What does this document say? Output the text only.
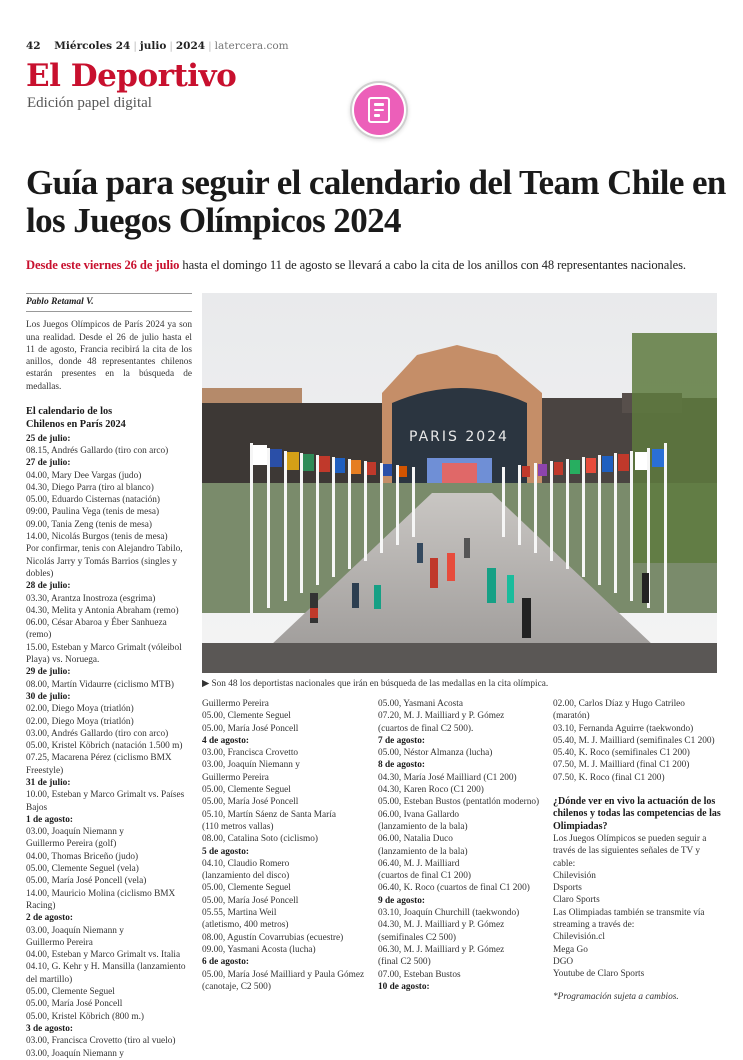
42 Miércoles 24 | julio | 2024 | latercera.com
El Deportivo
Edición papel digital
Guía para seguir el calendario del Team Chile en los Juegos Olímpicos 2024
Desde este viernes 26 de julio hasta el domingo 11 de agosto se llevará a cabo la cita de los anillos con 48 representantes nacionales.
Pablo Retamal V.

Los Juegos Olímpicos de París 2024 ya son una realidad. Desde el 26 de julio hasta el 11 de agosto, Francia recibirá la cita de los anillos, donde 48 representantes chilenos estarán presentes en la búsqueda de medallas.

El calendario de los
Chilenos en París 2024
25 de julio:
08.15, Andrés Gallardo (tiro con arco)
27 de julio:
04.00, Mary Dee Vargas (judo)
04.30, Diego Parra (tiro al blanco)
05.00, Eduardo Cisternas (natación)
09:00, Paulina Vega (tenis de mesa)
09.00, Tania Zeng (tenis de mesa)
14.00, Nicolás Burgos (tenis de mesa)
Por confirmar, tenis con Alejandro Tabilo, Nicolás Jarry y Tomás Barrios (singles y dobles)
28 de julio:
03.30, Arantza Inostroza (esgrima)
04.30, Melita y Antonia Abraham (remo)
06.00, César Abaroa y Éber Sanhueza (remo)
15.00, Esteban y Marco Grimalt (vóleibol Playa) vs. Noruega.
29 de julio:
08.00, Martín Vidaurre (ciclismo MTB)
30 de julio:
02.00, Diego Moya (triatlón)
02.00, Diego Moya (triatlón)
03.00, Andrés Gallardo (tiro con arco)
05.00, Kristel Köbrich (natación 1.500 m)
07.25, Macarena Pérez (ciclismo BMX Freestyle)
31 de julio:
10.00, Esteban y Marco Grimalt vs. Países Bajos
1 de agosto:
03.00, Joaquín Niemann y
Guillermo Pereira (golf)
04.00, Thomas Briceño (judo)
05.00, Clemente Seguel (vela)
05.00, María José Poncell (vela)
14.00, Mauricio Molina (ciclismo BMX Racing)
2 de agosto:
03.00, Joaquín Niemann y
Guillermo Pereira
04.00, Esteban y Marco Grimalt vs. Italia
04.10, G. Kehr y H. Mansilla (lanzamiento del martillo)
05.00, Clemente Seguel
05.00, María José Poncell
05.00, Kristel Köbrich (800 m.)
3 de agosto:
03.00, Francisca Crovetto (tiro al vuelo)
03.00, Joaquín Niemann y
PARIS 2024
▶ Son 48 los deportistas nacionales que irán en búsqueda de las medallas en la cita olímpica.
Guillermo Pereira
05.00, Clemente Seguel
05.00, María José Poncell
4 de agosto:
03.00, Francisca Crovetto
03.00, Joaquín Niemann y
Guillermo Pereira
05.00, Clemente Seguel
05.00, María José Poncell
05.10, Martín Sáenz de Santa María
(110 metros vallas)
08.00, Catalina Soto (ciclismo)
5 de agosto:
04.10, Claudio Romero
(lanzamiento del disco)
05.00, Clemente Seguel
05.00, María José Poncell
05.55, Martina Weil
(atletismo, 400 metros)
08.00, Agustín Covarrubias (ecuestre)
09.00, Yasmani Acosta (lucha)
6 de agosto:
05.00, María José Mailliard y Paula Gómez
(canotaje, C2 500)
05.00, Yasmani Acosta
07.20, M. J. Mailliard y P. Gómez
(cuartos de final C2 500).
7 de agosto:
05.00, Néstor Almanza (lucha)
8 de agosto:
04.30, María José Mailliard (C1 200)
04.30, Karen Roco (C1 200)
05.00, Esteban Bustos (pentatlón moderno)
06.00, Ivana Gallardo
(lanzamiento de la bala)
06.00, Natalia Duco
(lanzamiento de la bala)
06.40, M. J. Mailliard
(cuartos de final C1 200)
06.40, K. Roco (cuartos de final C1 200)
9 de agosto:
03.10, Joaquín Churchill (taekwondo)
04.30, M. J. Mailliard y P. Gómez
(semifinales C2 500)
06.30, M. J. Mailliard y P. Gómez
(final C2 500)
07.00, Esteban Bustos
10 de agosto:
02.00, Carlos Díaz y Hugo Catrileo
(maratón)
03.10, Fernanda Aguirre (taekwondo)
05.40, M. J. Mailliard (semifinales C1 200)
05.40, K. Roco (semifinales C1 200)
07.50, M. J. Mailliard (final C1 200)
07.50, K. Roco (final C1 200)
¿Dónde ver en vivo la actuación de los chilenos y todas las competencias de las Olimpiadas?
Los Juegos Olímpicos se pueden seguir a través de las siguientes señales de TV y cable:
Chilevisión
Dsports
Claro Sports
Las Olimpiadas también se transmite vía streaming a través de:
Chilevisión.cl
Mega Go
DGO
Youtube de Claro Sports
*Programación sujeta a cambios.
